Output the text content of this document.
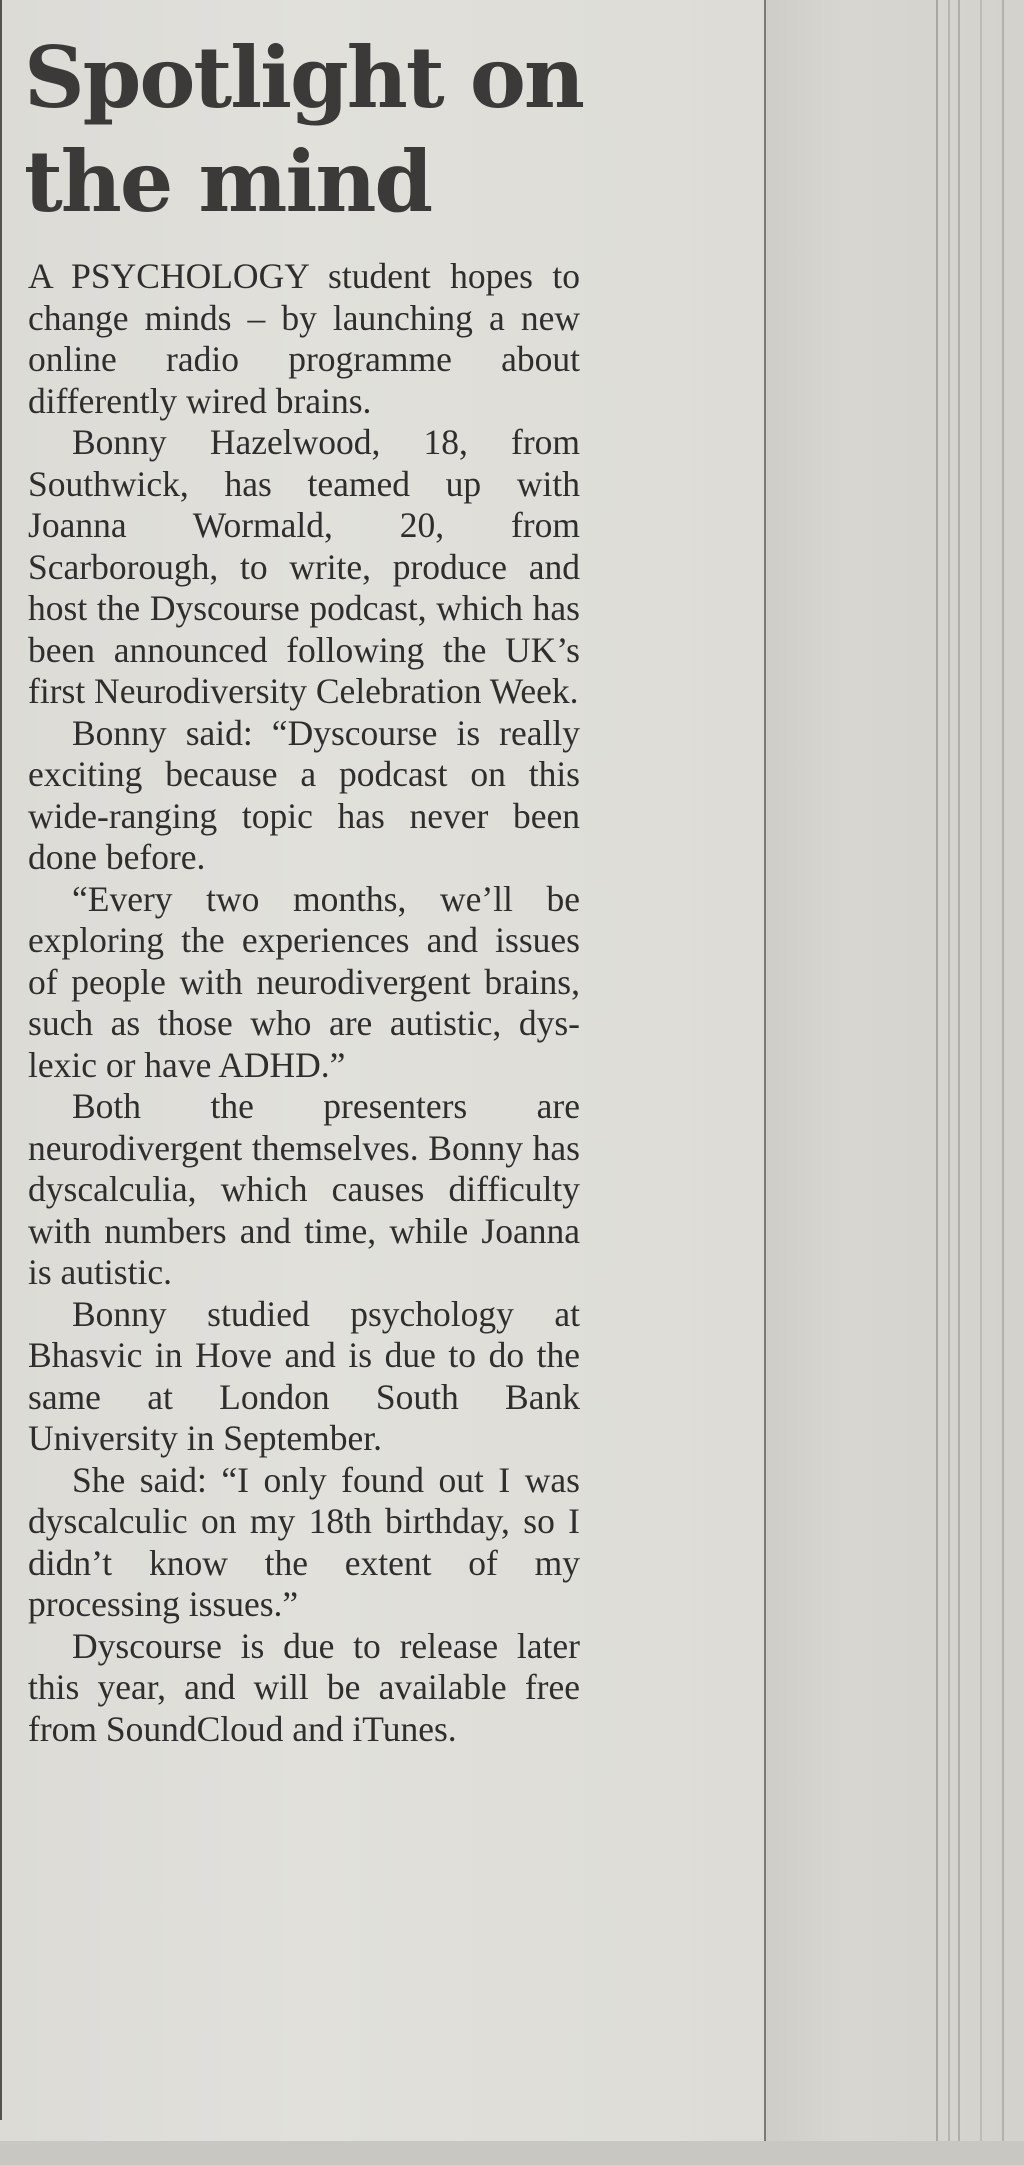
Spotlight on the mind

A PSYCHOLOGY student hopes to change minds – by launching a new online radio programme about differently wired brains.

Bonny Hazelwood, 18, from Southwick, has teamed up with Joanna Wormald, 20, from Scarborough, to write, produce and host the Dyscourse podcast, which has been announced following the UK’s first Neurodiversity Celebration Week.

Bonny said: “Dyscourse is really exciting because a podcast on this wide-ranging topic has never been done before.

“Every two months, we’ll be exploring the experiences and issues of people with neurodivergent brains, such as those who are autistic, dyslexic or have ADHD.”

Both the presenters are neurodivergent themselves. Bonny has dyscalculia, which causes difficulty with numbers and time, while Joanna is autistic.

Bonny studied psychology at Bhasvic in Hove and is due to do the same at London South Bank University in September.

She said: “I only found out I was dyscalculic on my 18th birthday, so I didn’t know the extent of my processing issues.”

Dyscourse is due to release later this year, and will be available free from SoundCloud and iTunes.
